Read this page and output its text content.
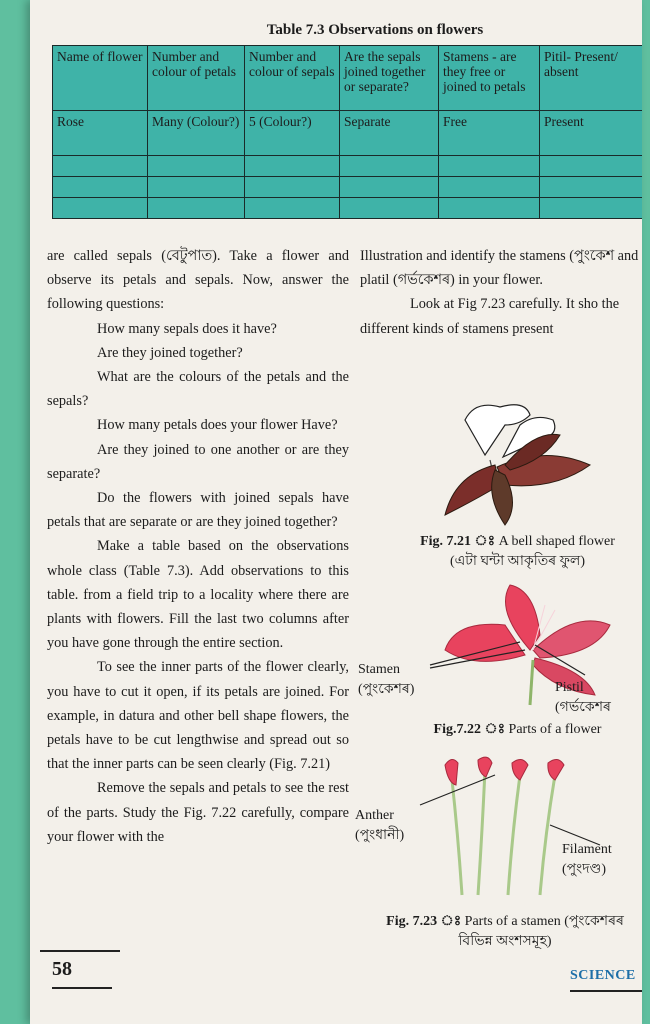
Table 7.3 Observations on flowers
Name of flower	Number and colour of petals	Number and colour of sepals	Are the sepals joined together or separate?	Stamens - are they free or joined to petals	Pitil- Present/ absent
Rose	Many (Colour?)	5 (Colour?)	Separate	Free	Present

are called sepals (বেটুপাত). Take a flower and observe its petals and sepals. Now, answer the following questions:

How many sepals does it have?

Are they joined together?

What are the colours of the petals and the sepals?

How many petals does your flower Have?

Are they joined to one another or are they separate?

Do the flowers with joined sepals have petals that are separate or are they joined together?

Make a table based on the observations whole class (Table 7.3). Add observations to this table. from a field trip to a locality where there are plants with flowers. Fill the last two columns after you have gone through the entire section.

To see the inner parts of the flower clearly, you have to cut it open, if its petals are joined. For example, in datura and other bell shape flowers, the petals have to be cut lengthwise and spread out so that the inner parts can be seen clearly (Fig. 7.21)

Remove the sepals and petals to see the rest of the parts. Study the Fig. 7.22 carefully, compare your flower with the

Illustration and identify the stamens (পুংকেশ and platil (গৰ্ভকেশৰ) in your flower.

Look at Fig 7.23 carefully. It sho the different kinds of stamens present

Fig. 7.21 ঃ A bell shaped flower
(এটা ঘন্টা আকৃতিৰ ফুল)
Stamen
(পুংকেশৰ)	Pistil
(গৰ্ভকেশৰ
Fig.7.22 ঃ Parts of a flower
Anther
(পুংধানী)
Filament
(পুংদণ্ড)
Fig. 7.23 ঃ Parts of a stamen (পুংকেশৰৰ
বিভিন্ন অংশসমূহ)
58	SCIENCE
